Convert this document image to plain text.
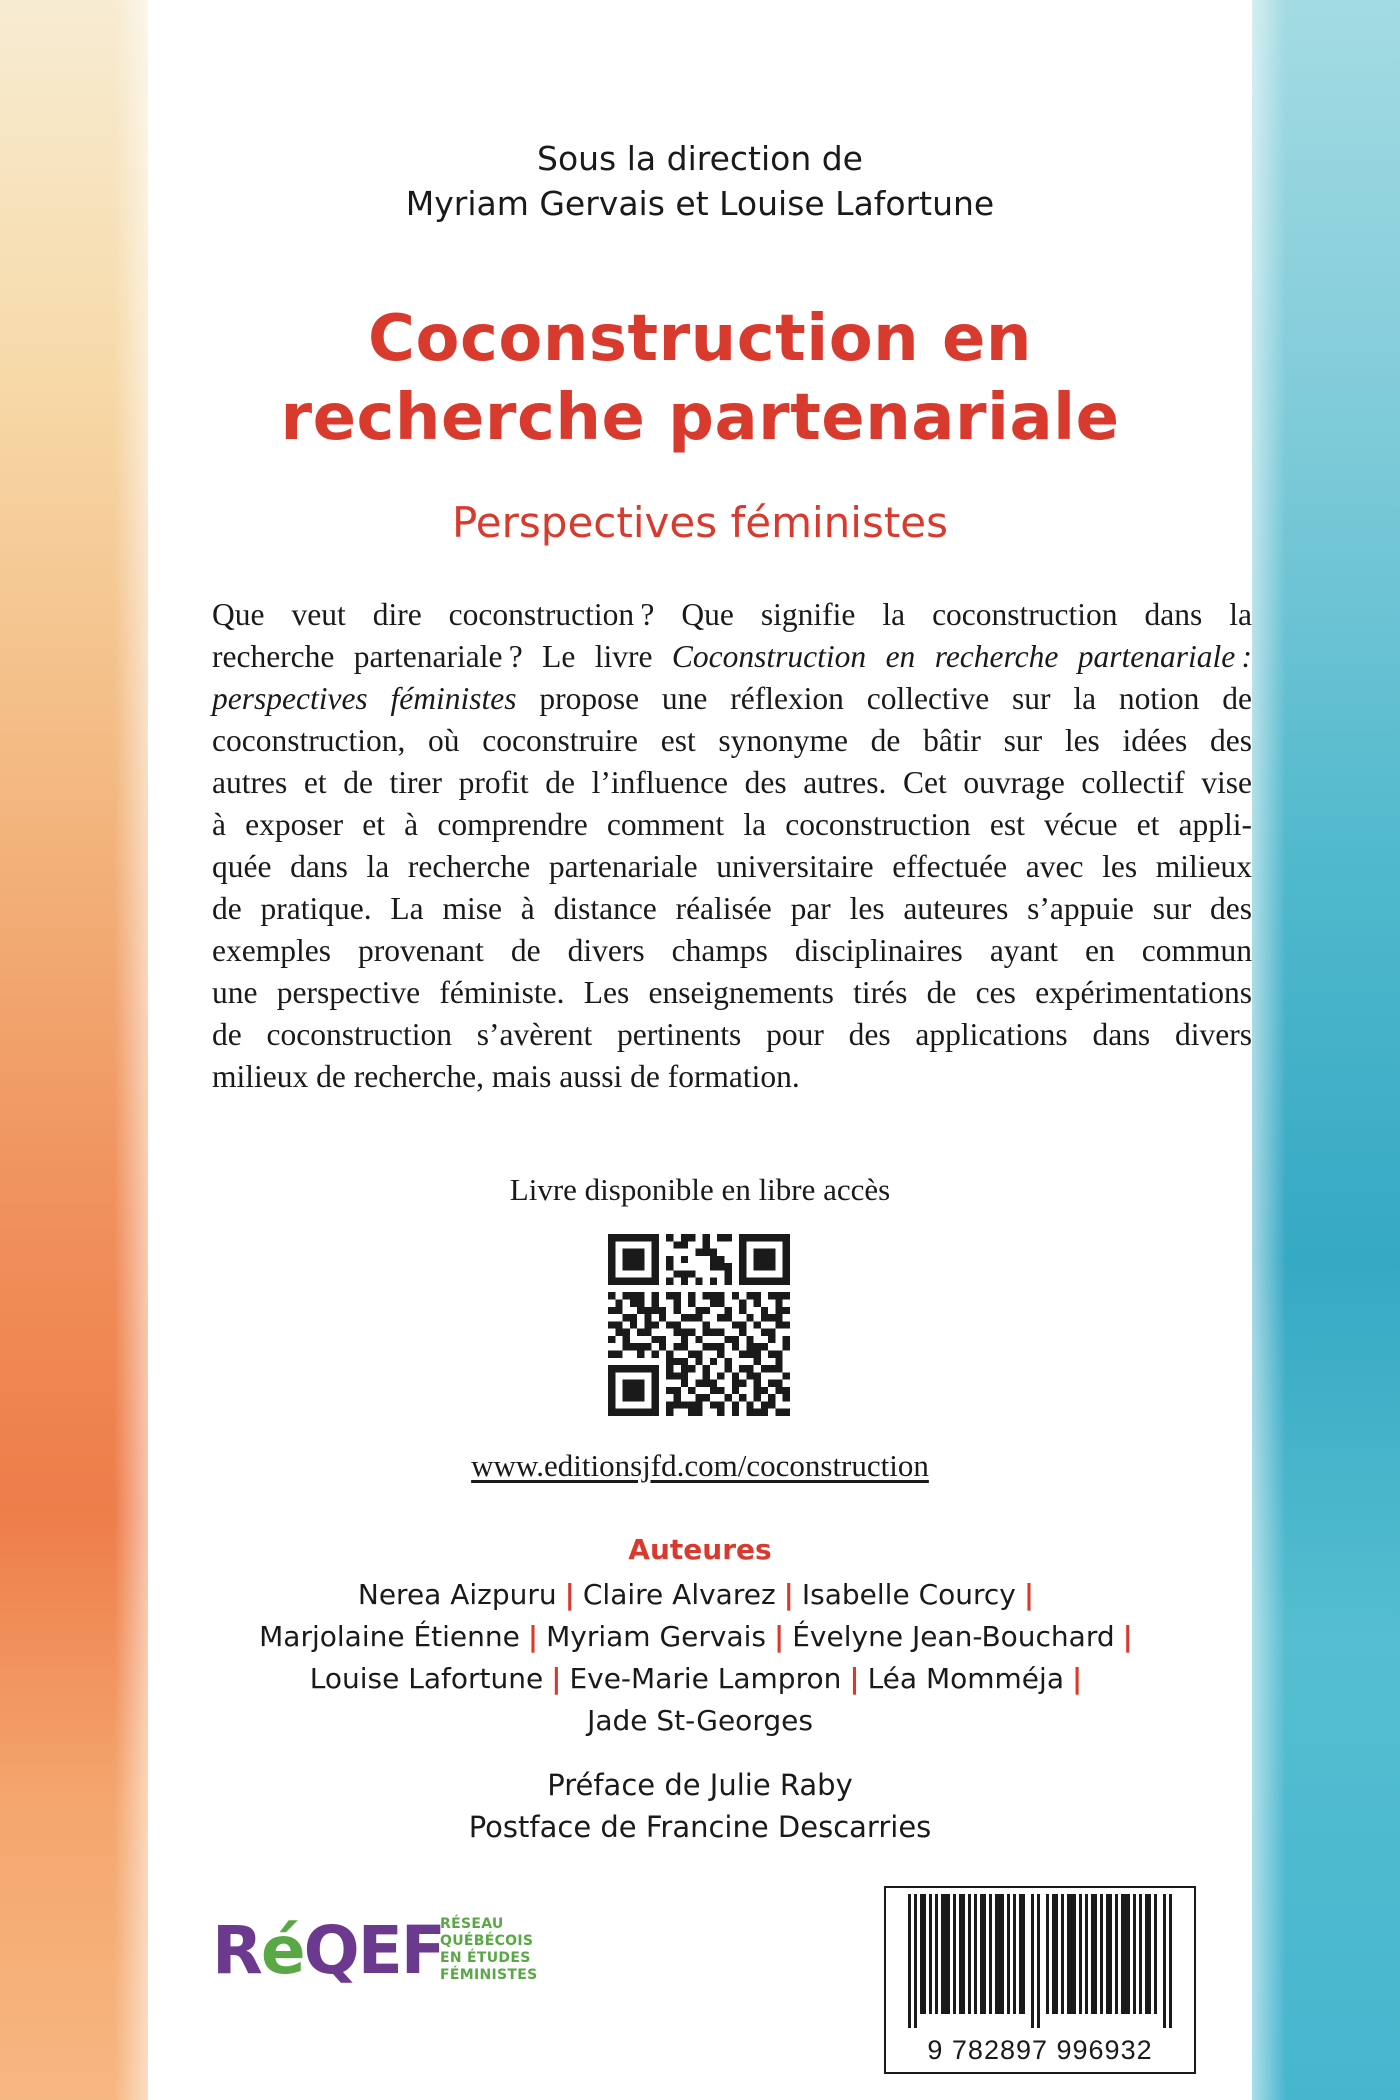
Sous la direction de
Myriam Gervais et Louise Lafortune
Coconstruction en
recherche partenariale
Perspectives féministes
Que veut dire coconstruction ? Que signifie la coconstruction dans la
recherche partenariale ? Le livre Coconstruction en recherche partenariale :
perspectives féministes propose une réflexion collective sur la notion de
coconstruction, où coconstruire est synonyme de bâtir sur les idées des
autres et de tirer profit de l’influence des autres. Cet ouvrage collectif vise
à exposer et à comprendre comment la coconstruction est vécue et appli-
quée dans la recherche partenariale universitaire effectuée avec les milieux
de pratique. La mise à distance réalisée par les auteures s’appuie sur des
exemples provenant de divers champs disciplinaires ayant en commun
une perspective féministe. Les enseignements tirés de ces expérimentations
de coconstruction s’avèrent pertinents pour des applications dans divers
milieux de recherche, mais aussi de formation.
Livre disponible en libre accès
www.editionsjfd.com/coconstruction
Auteures
Nerea Aizpuru | Claire Alvarez | Isabelle Courcy |
Marjolaine Étienne | Myriam Gervais | Évelyne Jean-Bouchard |
Louise Lafortune | Eve-Marie Lampron | Léa Momméja |
Jade St-Georges
Préface de Julie Raby
Postface de Francine Descarries
RéQEF
RÉSEAU
QUÉBÉCOIS
EN ÉTUDES
FÉMINISTES
9 782897 996932
